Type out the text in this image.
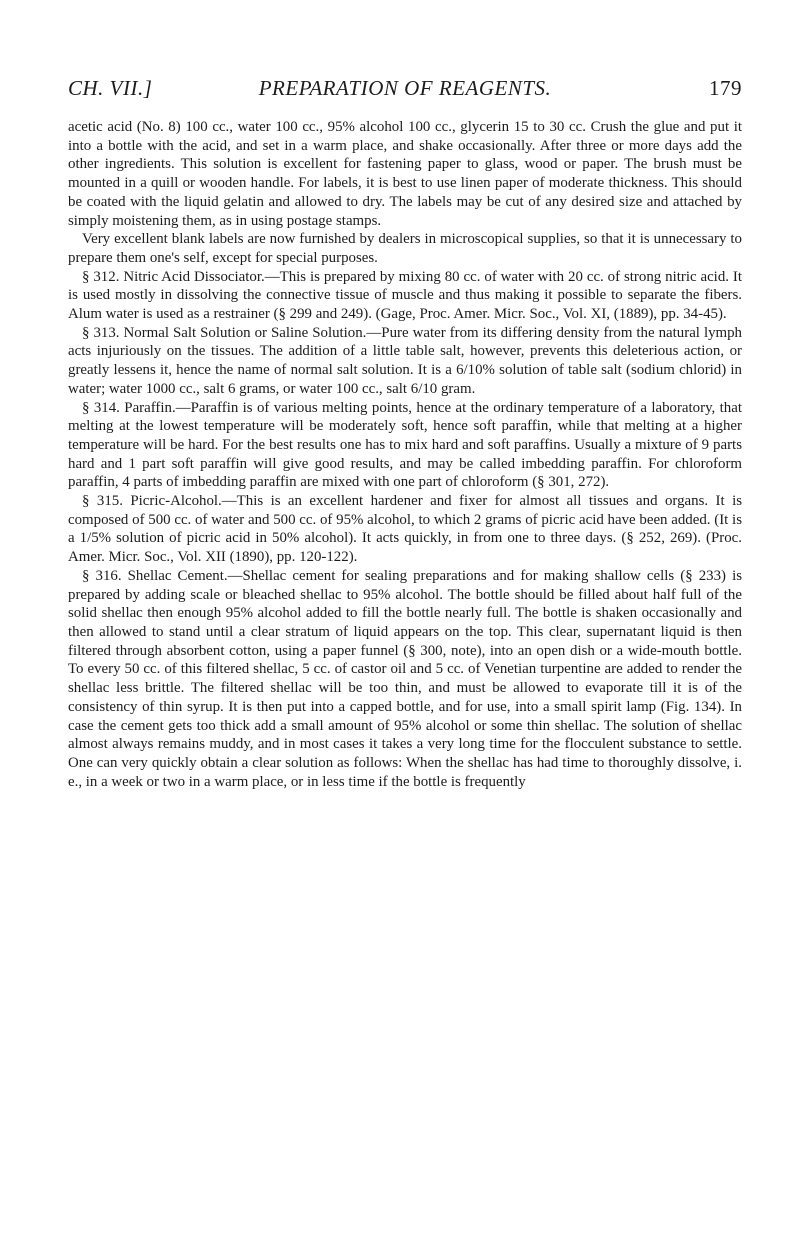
CH. VII.]	PREPARATION OF REAGENTS.	179

acetic acid (No. 8) 100 cc., water 100 cc., 95% alcohol 100 cc., glycerin 15 to 30 cc. Crush the glue and put it into a bottle with the acid, and set in a warm place, and shake occasionally. After three or more days add the other ingredients. This solution is excellent for fastening paper to glass, wood or paper. The brush must be mounted in a quill or wooden handle. For labels, it is best to use linen paper of moderate thickness. This should be coated with the liquid gelatin and allowed to dry. The labels may be cut of any desired size and attached by simply moistening them, as in using postage stamps.

Very excellent blank labels are now furnished by dealers in microscopical supplies, so that it is unnecessary to prepare them one's self, except for special purposes.

§ 312. Nitric Acid Dissociator.—This is prepared by mixing 80 cc. of water with 20 cc. of strong nitric acid. It is used mostly in dissolving the connective tissue of muscle and thus making it possible to separate the fibers. Alum water is used as a restrainer (§ 299 and 249). (Gage, Proc. Amer. Micr. Soc., Vol. XI, (1889), pp. 34-45).

§ 313. Normal Salt Solution or Saline Solution.—Pure water from its differing density from the natural lymph acts injuriously on the tissues. The addition of a little table salt, however, prevents this deleterious action, or greatly lessens it, hence the name of normal salt solution. It is a 6/10% solution of table salt (sodium chlorid) in water; water 1000 cc., salt 6 grams, or water 100 cc., salt 6/10 gram.

§ 314. Paraffin.—Paraffin is of various melting points, hence at the ordinary temperature of a laboratory, that melting at the lowest temperature will be moderately soft, hence soft paraffin, while that melting at a higher temperature will be hard. For the best results one has to mix hard and soft paraffins. Usually a mixture of 9 parts hard and 1 part soft paraffin will give good results, and may be called imbedding paraffin. For chloroform paraffin, 4 parts of imbedding paraffin are mixed with one part of chloroform (§ 301, 272).

§ 315. Picric-Alcohol.—This is an excellent hardener and fixer for almost all tissues and organs. It is composed of 500 cc. of water and 500 cc. of 95% alcohol, to which 2 grams of picric acid have been added. (It is a 1/5% solution of picric acid in 50% alcohol). It acts quickly, in from one to three days. (§ 252, 269). (Proc. Amer. Micr. Soc., Vol. XII (1890), pp. 120-122).

§ 316. Shellac Cement.—Shellac cement for sealing preparations and for making shallow cells (§ 233) is prepared by adding scale or bleached shellac to 95% alcohol. The bottle should be filled about half full of the solid shellac then enough 95% alcohol added to fill the bottle nearly full. The bottle is shaken occasionally and then allowed to stand until a clear stratum of liquid appears on the top. This clear, supernatant liquid is then filtered through absorbent cotton, using a paper funnel (§ 300, note), into an open dish or a wide-mouth bottle. To every 50 cc. of this filtered shellac, 5 cc. of castor oil and 5 cc. of Venetian turpentine are added to render the shellac less brittle. The filtered shellac will be too thin, and must be allowed to evaporate till it is of the consistency of thin syrup. It is then put into a capped bottle, and for use, into a small spirit lamp (Fig. 134). In case the cement gets too thick add a small amount of 95% alcohol or some thin shellac. The solution of shellac almost always remains muddy, and in most cases it takes a very long time for the flocculent substance to settle. One can very quickly obtain a clear solution as follows: When the shellac has had time to thoroughly dissolve, i. e., in a week or two in a warm place, or in less time if the bottle is frequently
